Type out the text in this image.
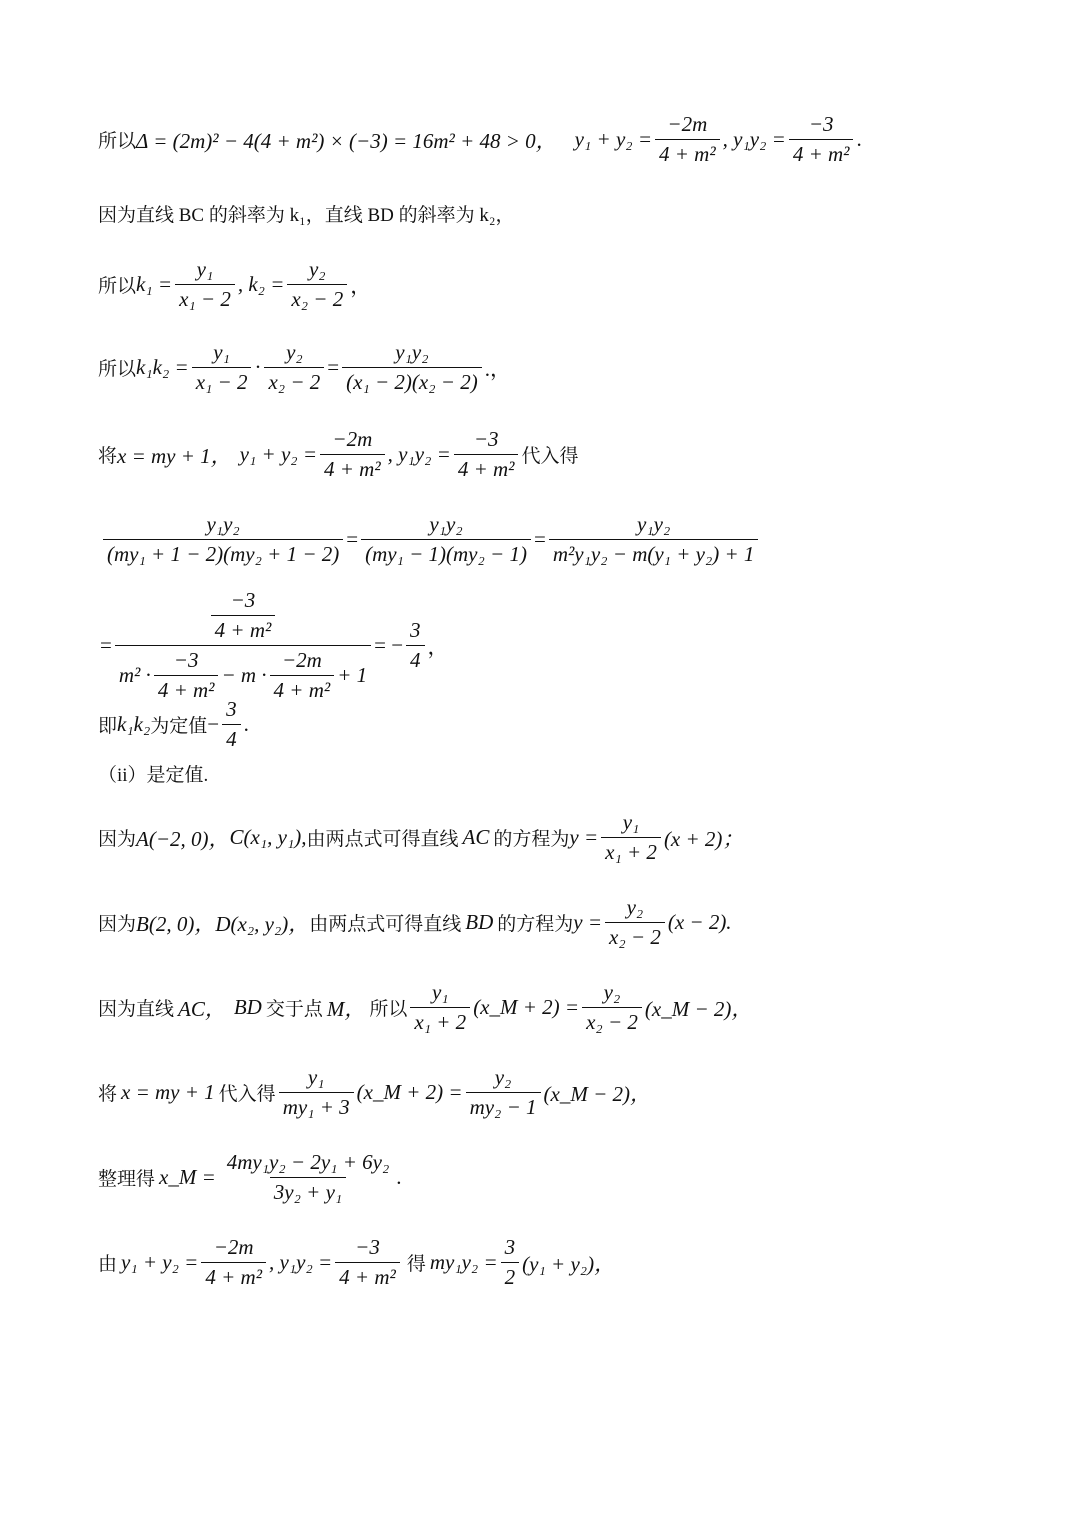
所以 Δ = (2m)² − 4(4 + m²) × (−3) = 16m² + 48 > 0， $y_1 + y_2 = \frac{-2m}{\text{4 + m²}}$ , $y_1y_2 = \frac{-3}{\text{4 + m²}}$ .
因为直线 BC 的斜率为 k₁，直线 BD 的斜率为 k₂，
所以 $k_1 = \frac{\text{y₁}}{\text{x₁ − 2}}$ , $k_2 = \frac{\text{y₂}}{\text{x₂ − 2}}$ ，
所以 $k_1k_2 = \frac{\text{y₁}}{\text{x₁ − 2}} \cdot \frac{\text{y₂}}{\text{x₂ − 2}} = \frac{\text{y₁y₂}}{\text{(x₁ − 2)(x₂ − 2)}}$ .，
将 x = my + 1， $y_1 + y_2 = \frac{-2m}{\text{4 + m²}}$ , $y_1y_2 = \frac{-3}{\text{4 + m²}}$ 代入得
$\frac{\text{y₁y₂}}{\text{(my₁ + 1 − 2)(my₂ + 1 − 2)}} = \frac{\text{y₁y₂}}{\text{(my₁ − 1)(my₂ − 1)}} = \frac{\text{y₁y₂}}{\text{m²y₁y₂ − m(y₁ + y₂) + 1}}$
=
$\frac{-3}{\text{4 + m²}}$
$m^2 \cdot \frac{-3}{\text{4 + m²}} - m \cdot \frac{-2m}{\text{4 + m²}} + 1$
= − $\frac{3}{4}$ ，
即 k₁k₂ 为定值 − $\frac{3}{4}$ .
（ii）是定值.
因为 A(−2, 0)， C(x₁, y₁), 由两点式可得直线 AC 的方程为 $y = \frac{\text{y₁}}{\text{x₁ + 2}} (x + 2)$；
因为 B(2, 0)， D(x₂, y₂)， 由两点式可得直线 BD 的方程为 $y = \frac{\text{y₂}}{\text{x₂ − 2}} (x - 2)$.
因为直线 AC， BD 交于点 M， 所以 $\frac{\text{y₁}}{\text{x₁ + 2}}$ (x_M + $2) = \frac{\text{y₂}}{\text{x₂ − 2}}$ (x_M − 2)，
将 x = my + 1 代入得 $\frac{\text{y₁}}{\text{my₁ + 3}}$ (x_M + $2) = \frac{\text{y₂}}{\text{my₂ − 1}}$ (x_M − 2)，
整理得 x_M = $\frac{\text{4my₁y₂ − 2y₁ + 6y₂}}{\text{3y₂ + y₁}}$ .
由 $y_1 + y_2 = \frac{-2m}{\text{4 + m²}}$ , $y_1y_2 = \frac{-3}{\text{4 + m²}}$ 得 $my_1y_2 = \frac{3}{2} (y_1 + y_2)$，
